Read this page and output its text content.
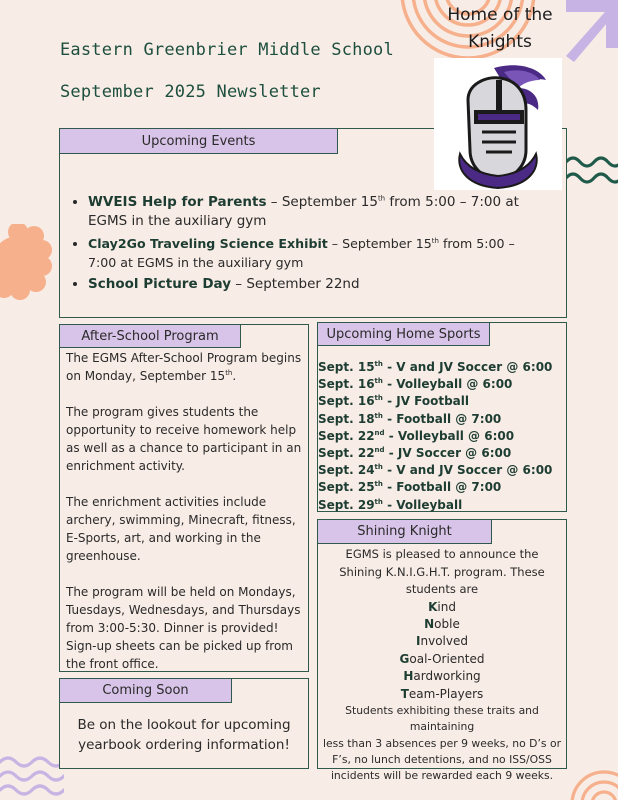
Eastern Greenbrier Middle School
September 2025 Newsletter
Home of the
Knights
• WVEIS Help for Parents – September 15th from 5:00 – 7:00 at EGMS in the auxiliary gym
• Clay2Go Traveling Science Exhibit – September 15th from 5:00 – 7:00 at EGMS in the auxiliary gym
• School Picture Day – September 22nd
Upcoming Events

The EGMS After-School Program begins on Monday, September 15th.

The program gives students the opportunity to receive homework help as well as a chance to participant in an enrichment activity.

The enrichment activities include archery, swimming, Minecraft, fitness, E-Sports, art, and working in the greenhouse.

The program will be held on Mondays, Tuesdays, Wednesdays, and Thursdays from 3:00-5:30. Dinner is provided! Sign-up sheets can be picked up from the front office.

After-School Program
Sept. 15th - V and JV Soccer @ 6:00
Sept. 16th - Volleyball @ 6:00
Sept. 16th - JV Football
Sept. 18th - Football @ 7:00
Sept. 22nd - Volleyball @ 6:00
Sept. 22nd - JV Soccer @ 6:00
Sept. 24th - V and JV Soccer @ 6:00
Sept. 25th - Football @ 7:00
Sept. 29th - Volleyball
Upcoming Home Sports
EGMS is pleased to announce the Shining K.N.I.G.H.T. program. These students are
Kind
Noble
Involved
Goal-Oriented
Hardworking
Team-Players
Students exhibiting these traits and maintaining
less than 3 absences per 9 weeks, no D’s or F’s, no lunch detentions, and no ISS/OSS incidents will be rewarded each 9 weeks.
Shining Knight
Be on the lookout for upcoming yearbook ordering information!
Coming Soon
